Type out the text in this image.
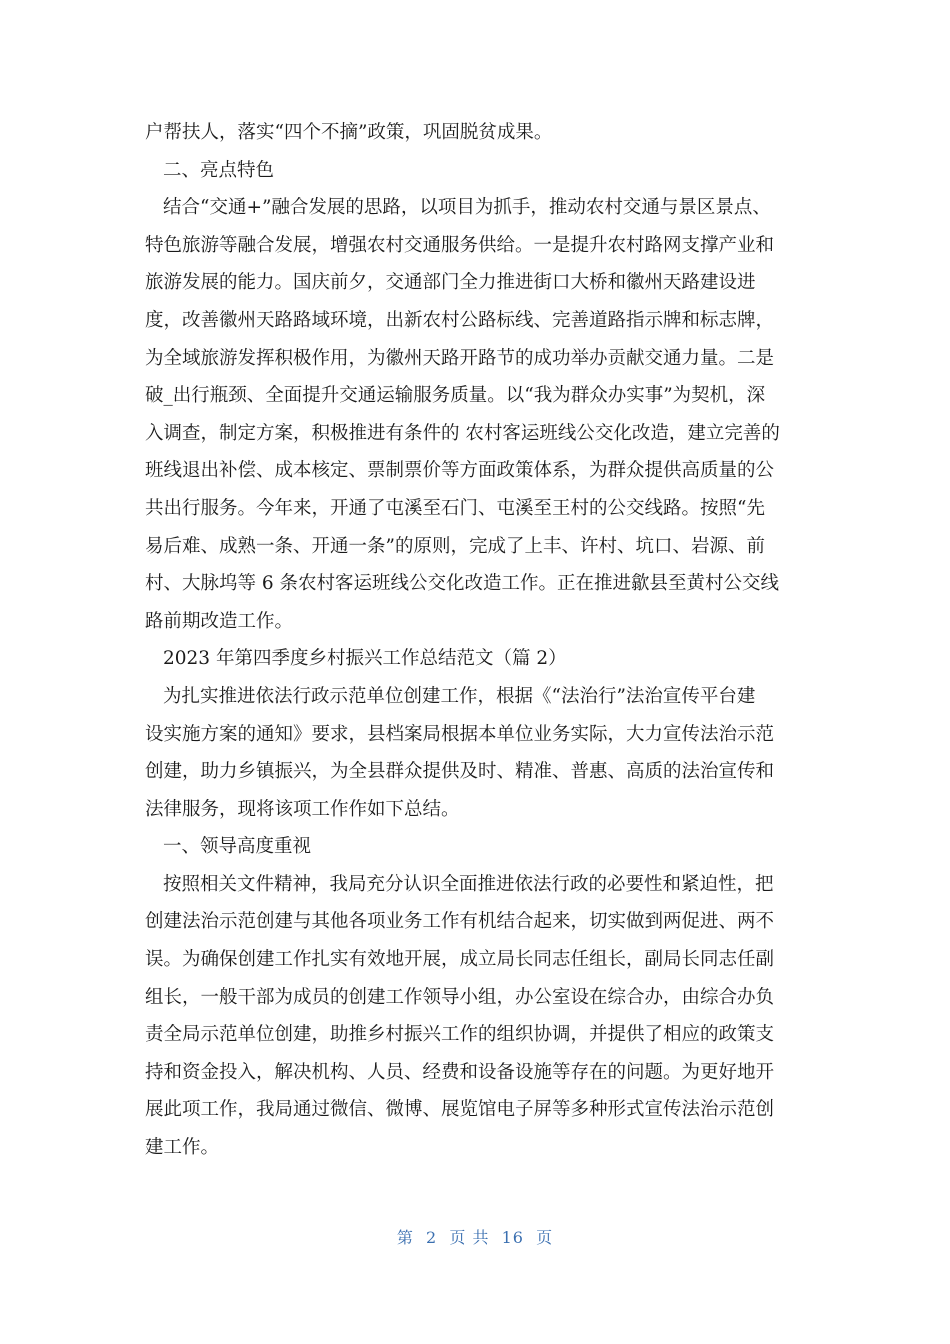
户帮扶人，落实“四个不摘”政策，巩固脱贫成果。
二、亮点特色
结合“交通+”融合发展的思路，以项目为抓手，推动农村交通与景区景点、
特色旅游等融合发展，增强农村交通服务供给。一是提升农村路网支撑产业和
旅游发展的能力。国庆前夕，交通部门全力推进街口大桥和徽州天路建设进
度，改善徽州天路路域环境，出新农村公路标线、完善道路指示牌和标志牌，
为全域旅游发挥积极作用，为徽州天路开路节的成功举办贡献交通力量。二是
破_出行瓶颈、全面提升交通运输服务质量。以“我为群众办实事”为契机，深
入调查，制定方案，积极推进有条件的 农村客运班线公交化改造，建立完善的
班线退出补偿、成本核定、票制票价等方面政策体系，为群众提供高质量的公
共出行服务。今年来，开通了屯溪至石门、屯溪至王村的公交线路。按照“先
易后难、成熟一条、开通一条”的原则，完成了上丰、许村、坑口、岩源、前
村、大脉坞等 6 条农村客运班线公交化改造工作。正在推进歙县至黄村公交线
路前期改造工作。
2023 年第四季度乡村振兴工作总结范文（篇 2）
为扎实推进依法行政示范单位创建工作，根据《“法治行”法治宣传平台建
设实施方案的通知》要求，县档案局根据本单位业务实际，大力宣传法治示范
创建，助力乡镇振兴，为全县群众提供及时、精准、普惠、高质的法治宣传和
法律服务，现将该项工作作如下总结。
一、领导高度重视
按照相关文件精神，我局充分认识全面推进依法行政的必要性和紧迫性，把
创建法治示范创建与其他各项业务工作有机结合起来，切实做到两促进、两不
误。为确保创建工作扎实有效地开展，成立局长同志任组长，副局长同志任副
组长，一般干部为成员的创建工作领导小组，办公室设在综合办，由综合办负
责全局示范单位创建，助推乡村振兴工作的组织协调，并提供了相应的政策支
持和资金投入，解决机构、人员、经费和设备设施等存在的问题。为更好地开
展此项工作，我局通过微信、微博、展览馆电子屏等多种形式宣传法治示范创
建工作。
第  2  页 共  16  页
